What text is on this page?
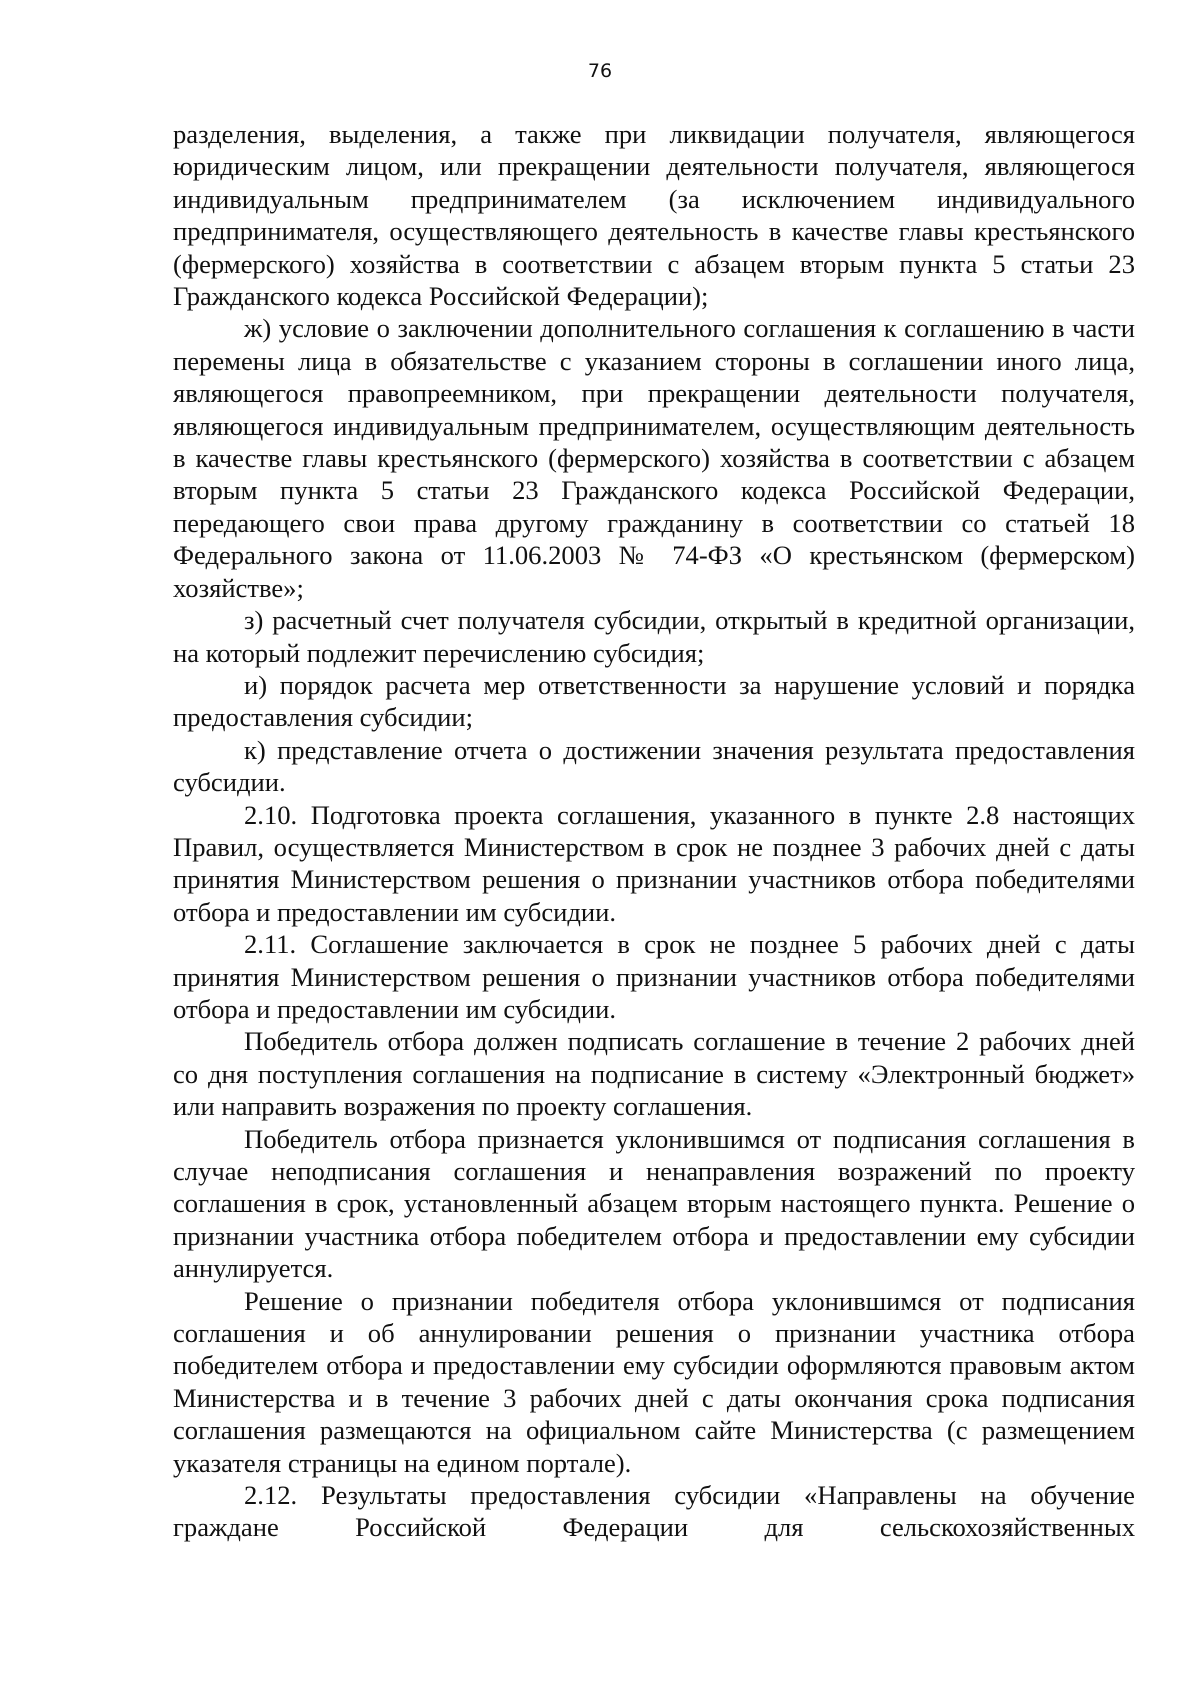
76

разделения, выделения, а также при ликвидации получателя, являющегося юридическим лицом, или прекращении деятельности получателя, являющегося индивидуальным предпринимателем (за исключением индивидуального предпринимателя, осуществляющего деятельность в качестве главы крестьянского (фермерского) хозяйства в соответствии с абзацем вторым пункта 5 статьи 23 Гражданского кодекса Российской Федерации);

ж) условие о заключении дополнительного соглашения к соглашению в части перемены лица в обязательстве с указанием стороны в соглашении иного лица, являющегося правопреемником, при прекращении деятельности получателя, являющегося индивидуальным предпринимателем, осуществляющим деятельность в качестве главы крестьянского (фермерского) хозяйства в соответствии с абзацем вторым пункта 5 статьи 23 Гражданского кодекса Российской Федерации, передающего свои права другому гражданину в соответствии со статьей 18 Федерального закона от 11.06.2003 № 74-ФЗ «О крестьянском (фермерском) хозяйстве»;

з) расчетный счет получателя субсидии, открытый в кредитной организации, на который подлежит перечислению субсидия;

и) порядок расчета мер ответственности за нарушение условий и порядка предоставления субсидии;

к) представление отчета о достижении значения результата предоставления субсидии.

2.10. Подготовка проекта соглашения, указанного в пункте 2.8 настоящих Правил, осуществляется Министерством в срок не позднее 3 рабочих дней с даты принятия Министерством решения о признании участников отбора победителями отбора и предоставлении им субсидии.

2.11. Соглашение заключается в срок не позднее 5 рабочих дней с даты принятия Министерством решения о признании участников отбора победителями отбора и предоставлении им субсидии.

Победитель отбора должен подписать соглашение в течение 2 рабочих дней со дня поступления соглашения на подписание в систему «Электронный бюджет» или направить возражения по проекту соглашения.

Победитель отбора признается уклонившимся от подписания соглашения в случае неподписания соглашения и ненаправления возражений по проекту соглашения в срок, установленный абзацем вторым настоящего пункта. Решение о признании участника отбора победителем отбора и предоставлении ему субсидии аннулируется.

Решение о признании победителя отбора уклонившимся от подписания соглашения и об аннулировании решения о признании участника отбора победителем отбора и предоставлении ему субсидии оформляются правовым актом Министерства и в течение 3 рабочих дней с даты окончания срока подписания соглашения размещаются на официальном сайте Министерства (с размещением указателя страницы на едином портале).

2.12. Результаты предоставления субсидии «Направлены на обучение граждане Российской Федерации для сельскохозяйственных
